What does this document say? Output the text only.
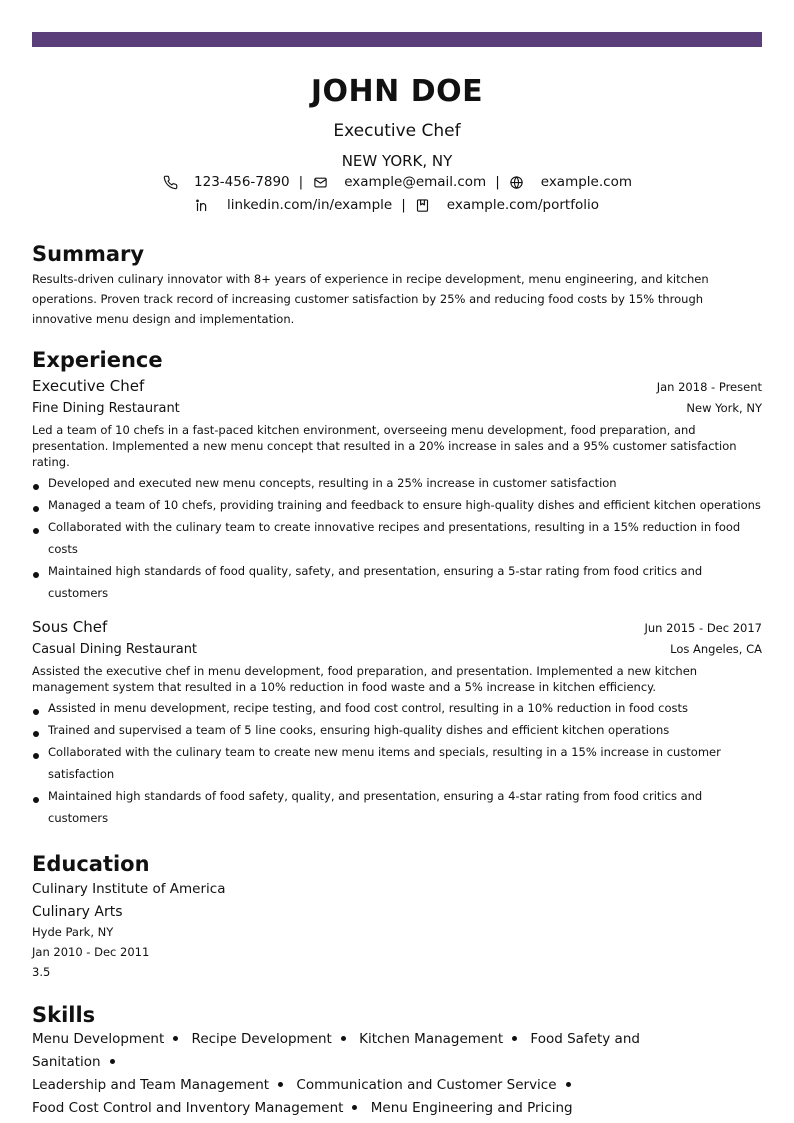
JOHN DOE
Executive Chef
NEW YORK, NY
123-456-7890 |	example@email.com |	example.com
linkedin.com/in/example |	example.com/portfolio
Summary
Results-driven culinary innovator with 8+ years of experience in recipe development, menu engineering, and kitchen operations. Proven track record of increasing customer satisfaction by 25% and reducing food costs by 15% through innovative menu design and implementation.
Experience
Executive Chef	Jan 2018 - Present
Fine Dining Restaurant	New York, NY
Led a team of 10 chefs in a fast-paced kitchen environment, overseeing menu development, food preparation, and presentation. Implemented a new menu concept that resulted in a 20% increase in sales and a 95% customer satisfaction rating.
Developed and executed new menu concepts, resulting in a 25% increase in customer satisfaction
Managed a team of 10 chefs, providing training and feedback to ensure high-quality dishes and efficient kitchen operations
Collaborated with the culinary team to create innovative recipes and presentations, resulting in a 15% reduction in food costs
Maintained high standards of food quality, safety, and presentation, ensuring a 5-star rating from food critics and customers
Sous Chef	Jun 2015 - Dec 2017
Casual Dining Restaurant	Los Angeles, CA
Assisted the executive chef in menu development, food preparation, and presentation. Implemented a new kitchen management system that resulted in a 10% reduction in food waste and a 5% increase in kitchen efficiency.
Assisted in menu development, recipe testing, and food cost control, resulting in a 10% reduction in food costs
Trained and supervised a team of 5 line cooks, ensuring high-quality dishes and efficient kitchen operations
Collaborated with the culinary team to create new menu items and specials, resulting in a 15% increase in customer satisfaction
Maintained high standards of food safety, quality, and presentation, ensuring a 4-star rating from food critics and customers
Education
Culinary Institute of America
Culinary Arts
Hyde Park, NY
Jan 2010 - Dec 2011
3.5
Skills
Menu Development Recipe Development Kitchen Management Food Safety and Sanitation
Leadership and Team Management Communication and Customer Service
Food Cost Control and Inventory Management Menu Engineering and Pricing
